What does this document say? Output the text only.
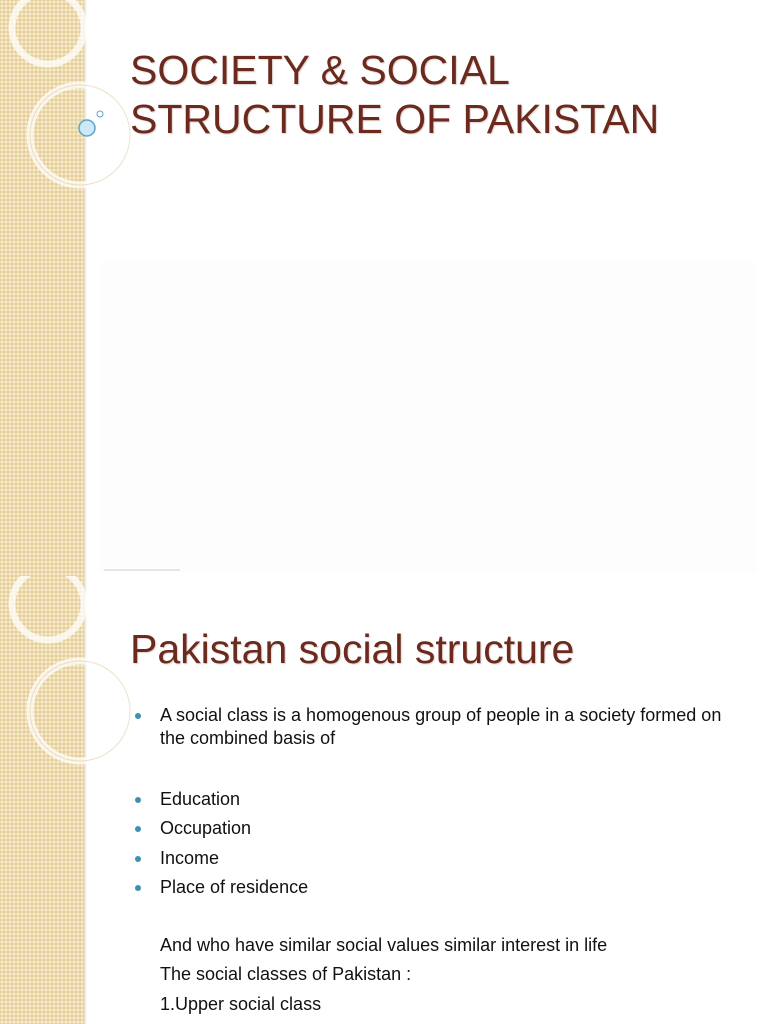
SOCIETY & SOCIAL
STRUCTURE OF PAKISTAN
Pakistan social structure
A social class is a homogenous group of people in a society formed on the combined basis of
Education
Occupation
Income
Place of residence
And who have similar social values similar interest in life
The social classes of Pakistan :
1.Upper social class
